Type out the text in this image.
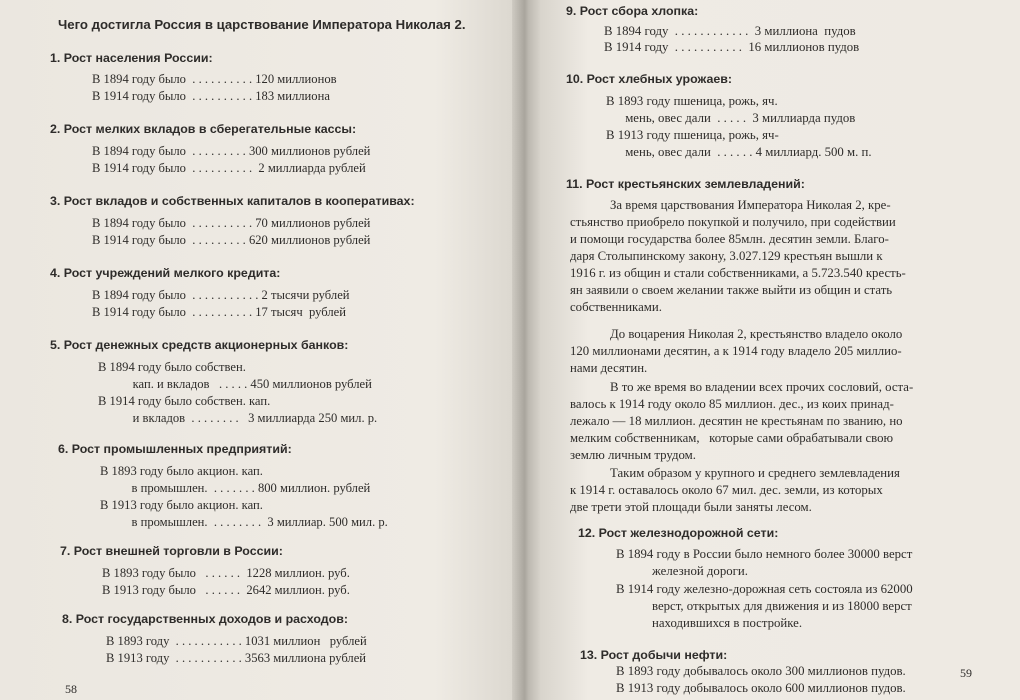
Чего достигла Россия в царствование Императора Николая 2.
1. Рост населения России:
В 1894 году было  . . . . . . . . . . 120 миллионов
В 1914 году было  . . . . . . . . . . 183 миллиона
2. Рост мелких вкладов в сберегательные кассы:
В 1894 году было  . . . . . . . . . 300 миллионов рублей
В 1914 году было  . . . . . . . . . .  2 миллиарда рублей
3. Рост вкладов и собственных капиталов в кооперативах:
В 1894 году было  . . . . . . . . . . 70 миллионов рублей
В 1914 году было  . . . . . . . . . 620 миллионов рублей
4. Рост учреждений мелкого кредита:
В 1894 году было  . . . . . . . . . . . 2 тысячи рублей
В 1914 году было  . . . . . . . . . . 17 тысяч  рублей
5. Рост денежных средств акционерных банков:
В 1894 году было собствен.
кап. и вкладов   . . . . . 450 миллионов рублей
В 1914 году было собствен. кап.
и вкладов  . . . . . . . .   3 миллиарда 250 мил. р.
6. Рост промышленных предприятий:
В 1893 году было акцион. кап.
в промышлен.  . . . . . . . 800 миллион. рублей
В 1913 году было акцион. кап.
в промышлен.  . . . . . . . .  3 миллиар. 500 мил. р.
7. Рост внешней торговли в России:
В 1893 году было   . . . . . .  1228 миллион. руб.
В 1913 году было   . . . . . .  2642 миллион. руб.
8. Рост государственных доходов и расходов:
В 1893 году  . . . . . . . . . . . 1031 миллион   рублей
В 1913 году  . . . . . . . . . . . 3563 миллиона рублей
58
9. Рост сбора хлопка:
В 1894 году  . . . . . . . . . . . .  3 миллиона  пудов
В 1914 году  . . . . . . . . . . .  16 миллионов пудов
10. Рост хлебных урожаев:
В 1893 году пшеница, рожь, яч.
мень, овес дали  . . . . .  3 миллиарда пудов
В 1913 году пшеница, рожь, яч-
мень, овес дали  . . . . . . 4 миллиард. 500 м. п.
11. Рост крестьянских землевладений:
За время царствования Императора Николая 2, кре-
стьянство приобрело покупкой и получило, при содействии
и помощи государства более 85млн. десятин земли. Благо-
даря Столыпинскому закону, 3.027.129 крестьян вышли к
1916 г. из общин и стали собственниками, а 5.723.540 кресть-
ян заявили о своем желании также выйти из общин и стать
собственниками.
До воцарения Николая 2, крестьянство владело около
120 миллионами десятин, а к 1914 году владело 205 миллио-
нами десятин.
В то же время во владении всех прочих сословий, оста-
валось к 1914 году около 85 миллион. дес., из коих принад-
лежало — 18 миллион. десятин не крестьянам по званию, но
мелким собственникам,   которые сами обрабатывали свою
землю личным трудом.
Таким образом у крупного и среднего землевладения
к 1914 г. оставалось около 67 мил. дес. земли, из которых
две трети этой площади были заняты лесом.
12. Рост железнодорожной сети:
В 1894 году в России было немного более 30000 верст
железной дороги.
В 1914 году железно-дорожная сеть состояла из 62000
верст, открытых для движения и из 18000 верст
находившихся в постройке.
13. Рост добычи нефти:
В 1893 году добывалось около 300 миллионов пудов.
В 1913 году добывалось около 600 миллионов пудов.
59
